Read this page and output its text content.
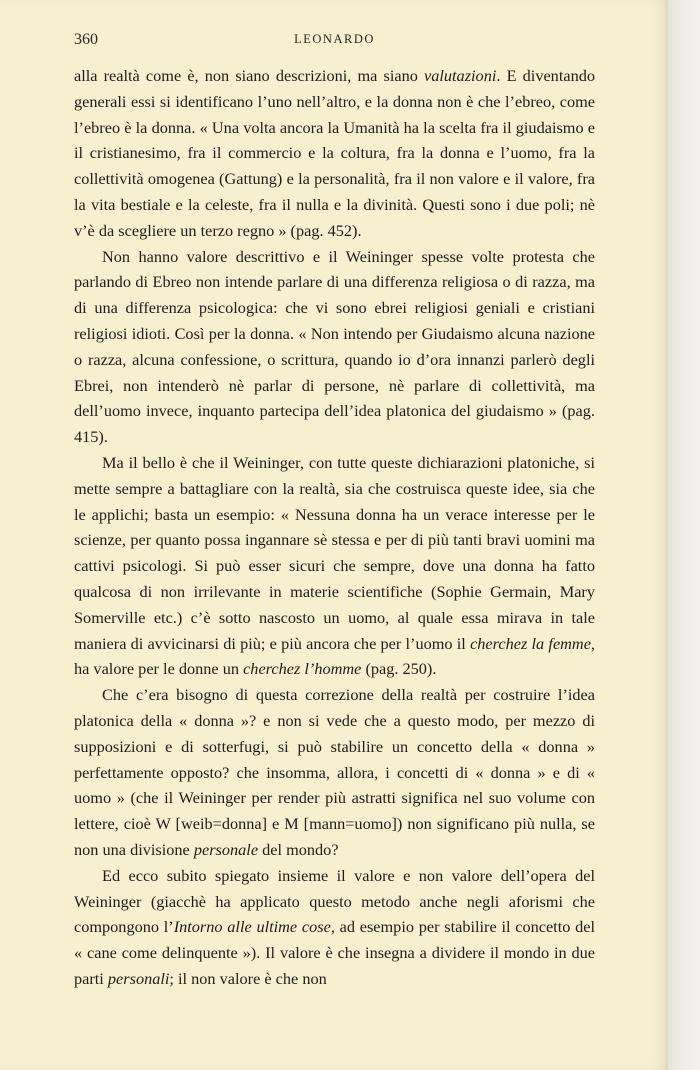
360	LEONARDO

alla realtà come è, non siano descrizioni, ma siano valutazioni. E diventando generali essi si identificano l’uno nell’altro, e la donna non è che l’ebreo, come l’ebreo è la donna. « Una volta ancora la Umanità ha la scelta fra il giudaismo e il cristianesimo, fra il commercio e la coltura, fra la donna e l’uomo, fra la collettività omogenea (Gattung) e la personalità, fra il non valore e il valore, fra la vita bestiale e la celeste, fra il nulla e la divinità. Questi sono i due poli; nè v’è da scegliere un terzo regno » (pag. 452).

Non hanno valore descrittivo e il Weininger spesse volte protesta che parlando di Ebreo non intende parlare di una differenza religiosa o di razza, ma di una differenza psicologica: che vi sono ebrei religiosi geniali e cristiani religiosi idioti. Così per la donna. « Non intendo per Giudaismo alcuna nazione o razza, alcuna confessione, o scrittura, quando io d’ora innanzi parlerò degli Ebrei, non intenderò nè parlar di persone, nè parlare di collettività, ma dell’uomo invece, inquanto partecipa dell’idea platonica del giudaismo » (pag. 415).

Ma il bello è che il Weininger, con tutte queste dichiarazioni platoniche, si mette sempre a battagliare con la realtà, sia che costruisca queste idee, sia che le applichi; basta un esempio: « Nessuna donna ha un verace interesse per le scienze, per quanto possa ingannare sè stessa e per di più tanti bravi uomini ma cattivi psicologi. Si può esser sicuri che sempre, dove una donna ha fatto qualcosa di non irrilevante in materie scientifiche (Sophie Germain, Mary Somerville etc.) c’è sotto nascosto un uomo, al quale essa mirava in tale maniera di avvicinarsi di più; e più ancora che per l’uomo il cherchez la femme, ha valore per le donne un cherchez l’homme (pag. 250).

Che c’era bisogno di questa correzione della realtà per costruire l’idea platonica della « donna »? e non si vede che a questo modo, per mezzo di supposizioni e di sotterfugi, si può stabilire un concetto della « donna » perfettamente opposto? che insomma, allora, i concetti di « donna » e di « uomo » (che il Weininger per render più astratti significa nel suo volume con lettere, cioè W [weib=donna] e M [mann=uomo]) non significano più nulla, se non una divisione personale del mondo?

Ed ecco subito spiegato insieme il valore e non valore dell’opera del Weininger (giacchè ha applicato questo metodo anche negli aforismi che compongono l’Intorno alle ultime cose, ad esempio per stabilire il concetto del « cane come delinquente »). Il valore è che insegna a dividere il mondo in due parti personali; il non valore è che non
